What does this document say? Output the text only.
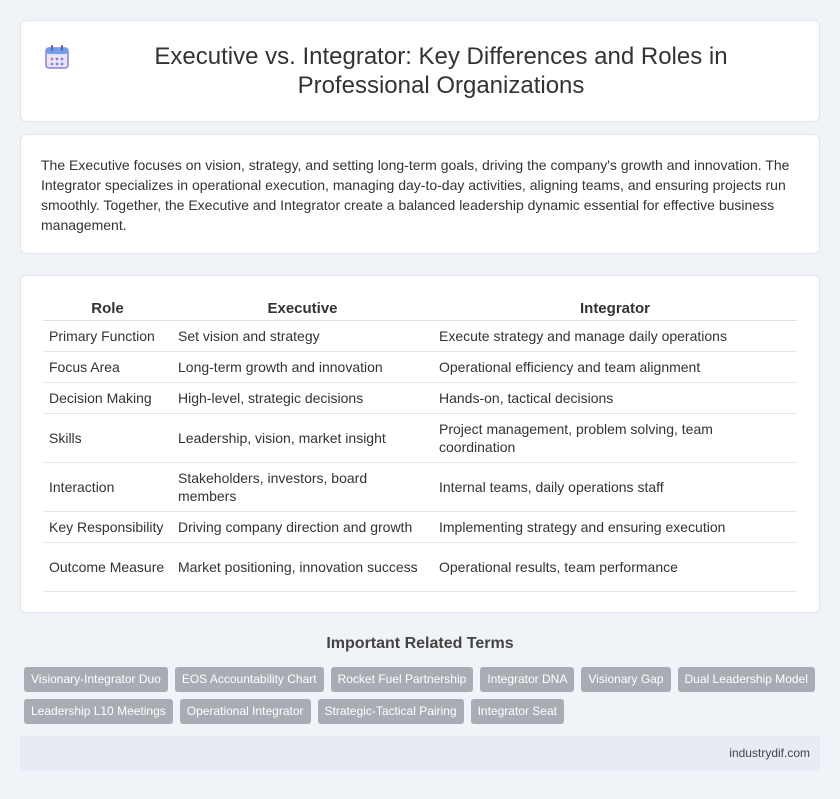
Executive vs. Integrator: Key Differences and Roles in Professional Organizations

The Executive focuses on vision, strategy, and setting long-term goals, driving the company's growth and innovation. The Integrator specializes in operational execution, managing day-to-day activities, aligning teams, and ensuring projects run smoothly. Together, the Executive and Integrator create a balanced leadership dynamic essential for effective business management.

Role	Executive	Integrator
Primary Function	Set vision and strategy	Execute strategy and manage daily operations
Focus Area	Long-term growth and innovation	Operational efficiency and team alignment
Decision Making	High-level, strategic decisions	Hands-on, tactical decisions
Skills	Leadership, vision, market insight	Project management, problem solving, team coordination
Interaction	Stakeholders, investors, board members	Internal teams, daily operations staff
Key Responsibility	Driving company direction and growth	Implementing strategy and ensuring execution
Outcome Measure	Market positioning, innovation success	Operational results, team performance
Important Related Terms
Visionary-Integrator Duo	EOS Accountability Chart	Rocket Fuel Partnership	Integrator DNA	Visionary Gap	Dual Leadership Model
Leadership L10 Meetings	Operational Integrator	Strategic-Tactical Pairing	Integrator Seat
industrydif.com
